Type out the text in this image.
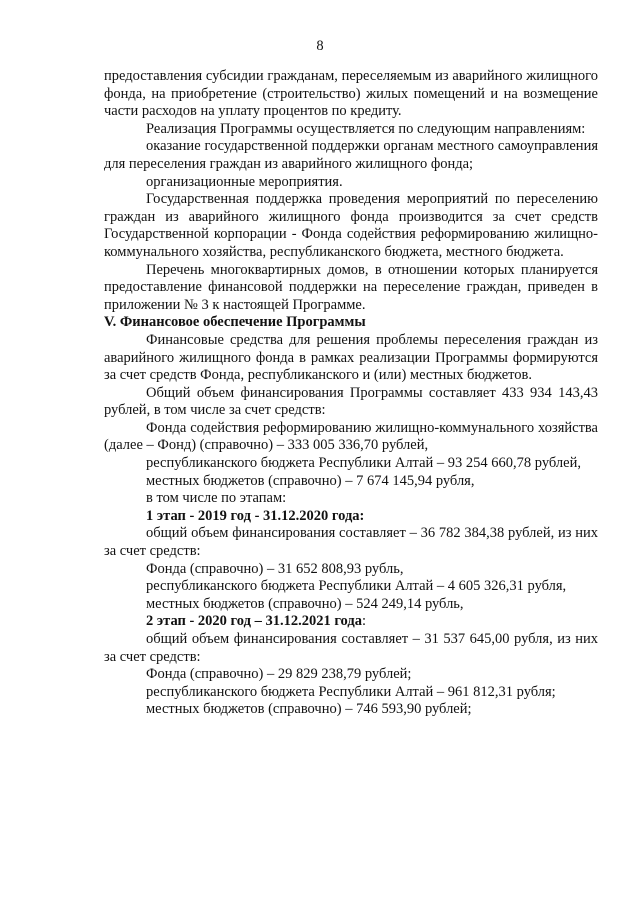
8

предоставления субсидии гражданам, переселяемым из аварийного жилищного фонда, на приобретение (строительство) жилых помещений и на возмещение части расходов на уплату процентов по кредиту.

Реализация Программы осуществляется по следующим направлениям:

оказание государственной поддержки органам местного самоуправления для переселения граждан из аварийного жилищного фонда;

организационные мероприятия.

Государственная поддержка проведения мероприятий по переселению граждан из аварийного жилищного фонда производится за счет средств Государственной корпорации - Фонда содействия реформированию жилищно-коммунального хозяйства, республиканского бюджета, местного бюджета.

Перечень многоквартирных домов, в отношении которых планируется предоставление финансовой поддержки на переселение граждан, приведен в приложении № 3 к настоящей Программе.

V. Финансовое обеспечение Программы

Финансовые средства для решения проблемы переселения граждан из аварийного жилищного фонда в рамках реализации Программы формируются за счет средств Фонда, республиканского и (или) местных бюджетов.

Общий объем финансирования Программы составляет 433 934 143,43 рублей, в том числе за счет средств:

Фонда содействия реформированию жилищно-коммунального хозяйства (далее – Фонд) (справочно) – 333 005 336,70 рублей,

республиканского бюджета Республики Алтай – 93 254 660,78 рублей,

местных бюджетов (справочно) – 7 674 145,94 рубля,

в том числе по этапам:

1 этап - 2019 год - 31.12.2020 года:

общий объем финансирования составляет – 36 782 384,38 рублей, из них за счет средств:

Фонда (справочно) – 31 652 808,93 рубль,

республиканского бюджета Республики Алтай – 4 605 326,31 рубля,

местных бюджетов (справочно) – 524 249,14 рубль,

2 этап - 2020 год – 31.12.2021 года:

общий объем финансирования составляет – 31 537 645,00 рубля, из них за счет средств:

Фонда (справочно) – 29 829 238,79 рублей;

республиканского бюджета Республики Алтай – 961 812,31 рубля;

местных бюджетов (справочно) – 746 593,90 рублей;
